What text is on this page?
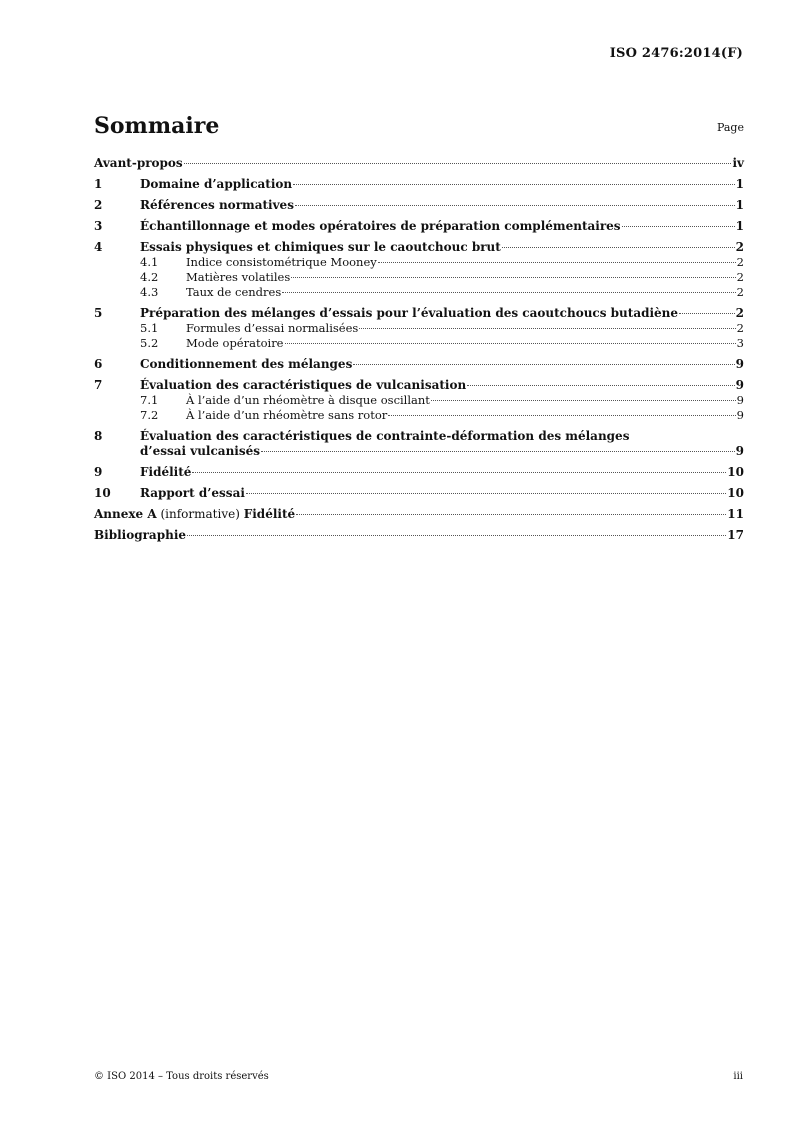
ISO 2476:2014(F)
Sommaire	Page
Avant-propos	iv
1	Domaine d’application	1
2	Références normatives	1
3	Échantillonnage et modes opératoires de préparation complémentaires	1
4	Essais physiques et chimiques sur le caoutchouc brut	2
4.1	Indice consistométrique Mooney	2
4.2	Matières volatiles	2
4.3	Taux de cendres	2
5	Préparation des mélanges d’essais pour l’évaluation des caoutchoucs butadiène	2
5.1	Formules d’essai normalisées	2
5.2	Mode opératoire	3
6	Conditionnement des mélanges	9
7	Évaluation des caractéristiques de vulcanisation	9
7.1	À l’aide d’un rhéomètre à disque oscillant	9
7.2	À l’aide d’un rhéomètre sans rotor	9
8	Évaluation des caractéristiques de contrainte-déformation des mélanges
d’essai vulcanisés	9
9	Fidélité	10
10	Rapport d’essai	10
Annexe A (informative) Fidélité	11
Bibliographie	17
© ISO 2014 – Tous droits réservés	iii
